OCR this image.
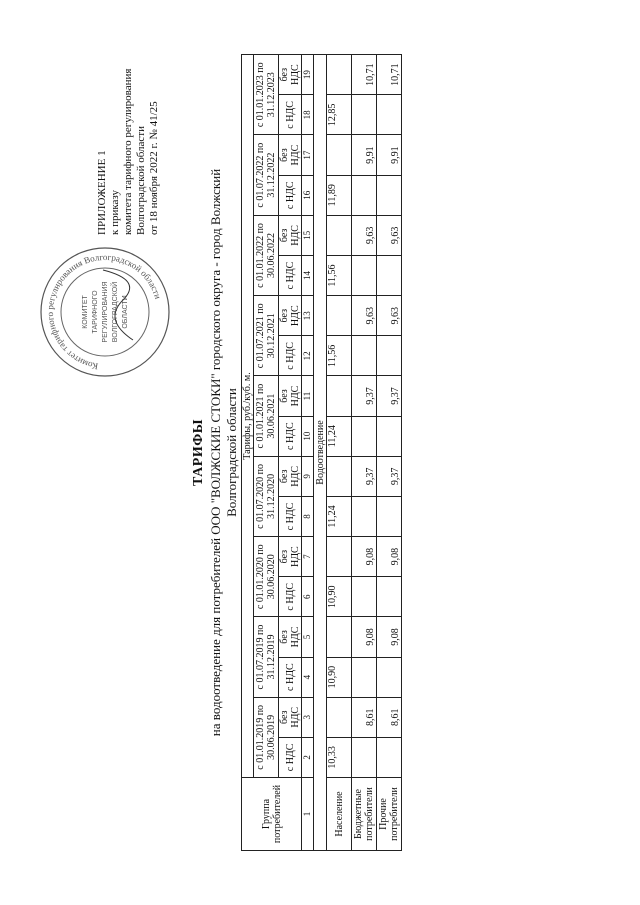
ПРИЛОЖЕНИЕ 1 к приказу комитета тарифного регулирования Волгоградской области от 18 ноября 2022 г. № 41/25
Комитет тарифного регулирования Волгоградской области
КОМИТЕТ ТАРИФНОГО РЕГУЛИРОВАНИЯ ВОЛГОГРАДСКОЙ ОБЛАСТИ
ТАРИФЫ на водоотведение для потребителей ООО "ВОЛЖСКИЕ СТОКИ" городского округа - город Волжский Волгоградской области
Группа потребителей	Тарифы, руб./куб. м.																	
	с 01.01.2019 по 30.06.2019		с 01.07.2019 по 31.12.2019		с 01.01.2020 по 30.06.2020		с 01.07.2020 по 31.12.2020		с 01.01.2021 по 30.06.2021		с 01.07.2021 по 30.12.2021		с 01.01.2022 по 30.06.2022		с 01.07.2022 по 31.12.2022		с 01.01.2023 по 31.12.2023	
	с НДС	без НДС	с НДС	без НДС	с НДС	без НДС	с НДС	без НДС	с НДС	без НДС	с НДС	без НДС	с НДС	без НДС	с НДС	без НДС	с НДС	без НДС
1	2	3	4	5	6	7	8	9	10	11	12	13	14	15	16	17	18	19
Водоотведение																		
Население	10,33		10,90		10,90		11,24		11,24		11,56		11,56		11,89		12,85	
Бюджетные потребители		8,61		9,08		9,08		9,37		9,37		9,63		9,63		9,91		10,71
Прочие потребители		8,61		9,08		9,08		9,37		9,37		9,63		9,63		9,91		10,71
